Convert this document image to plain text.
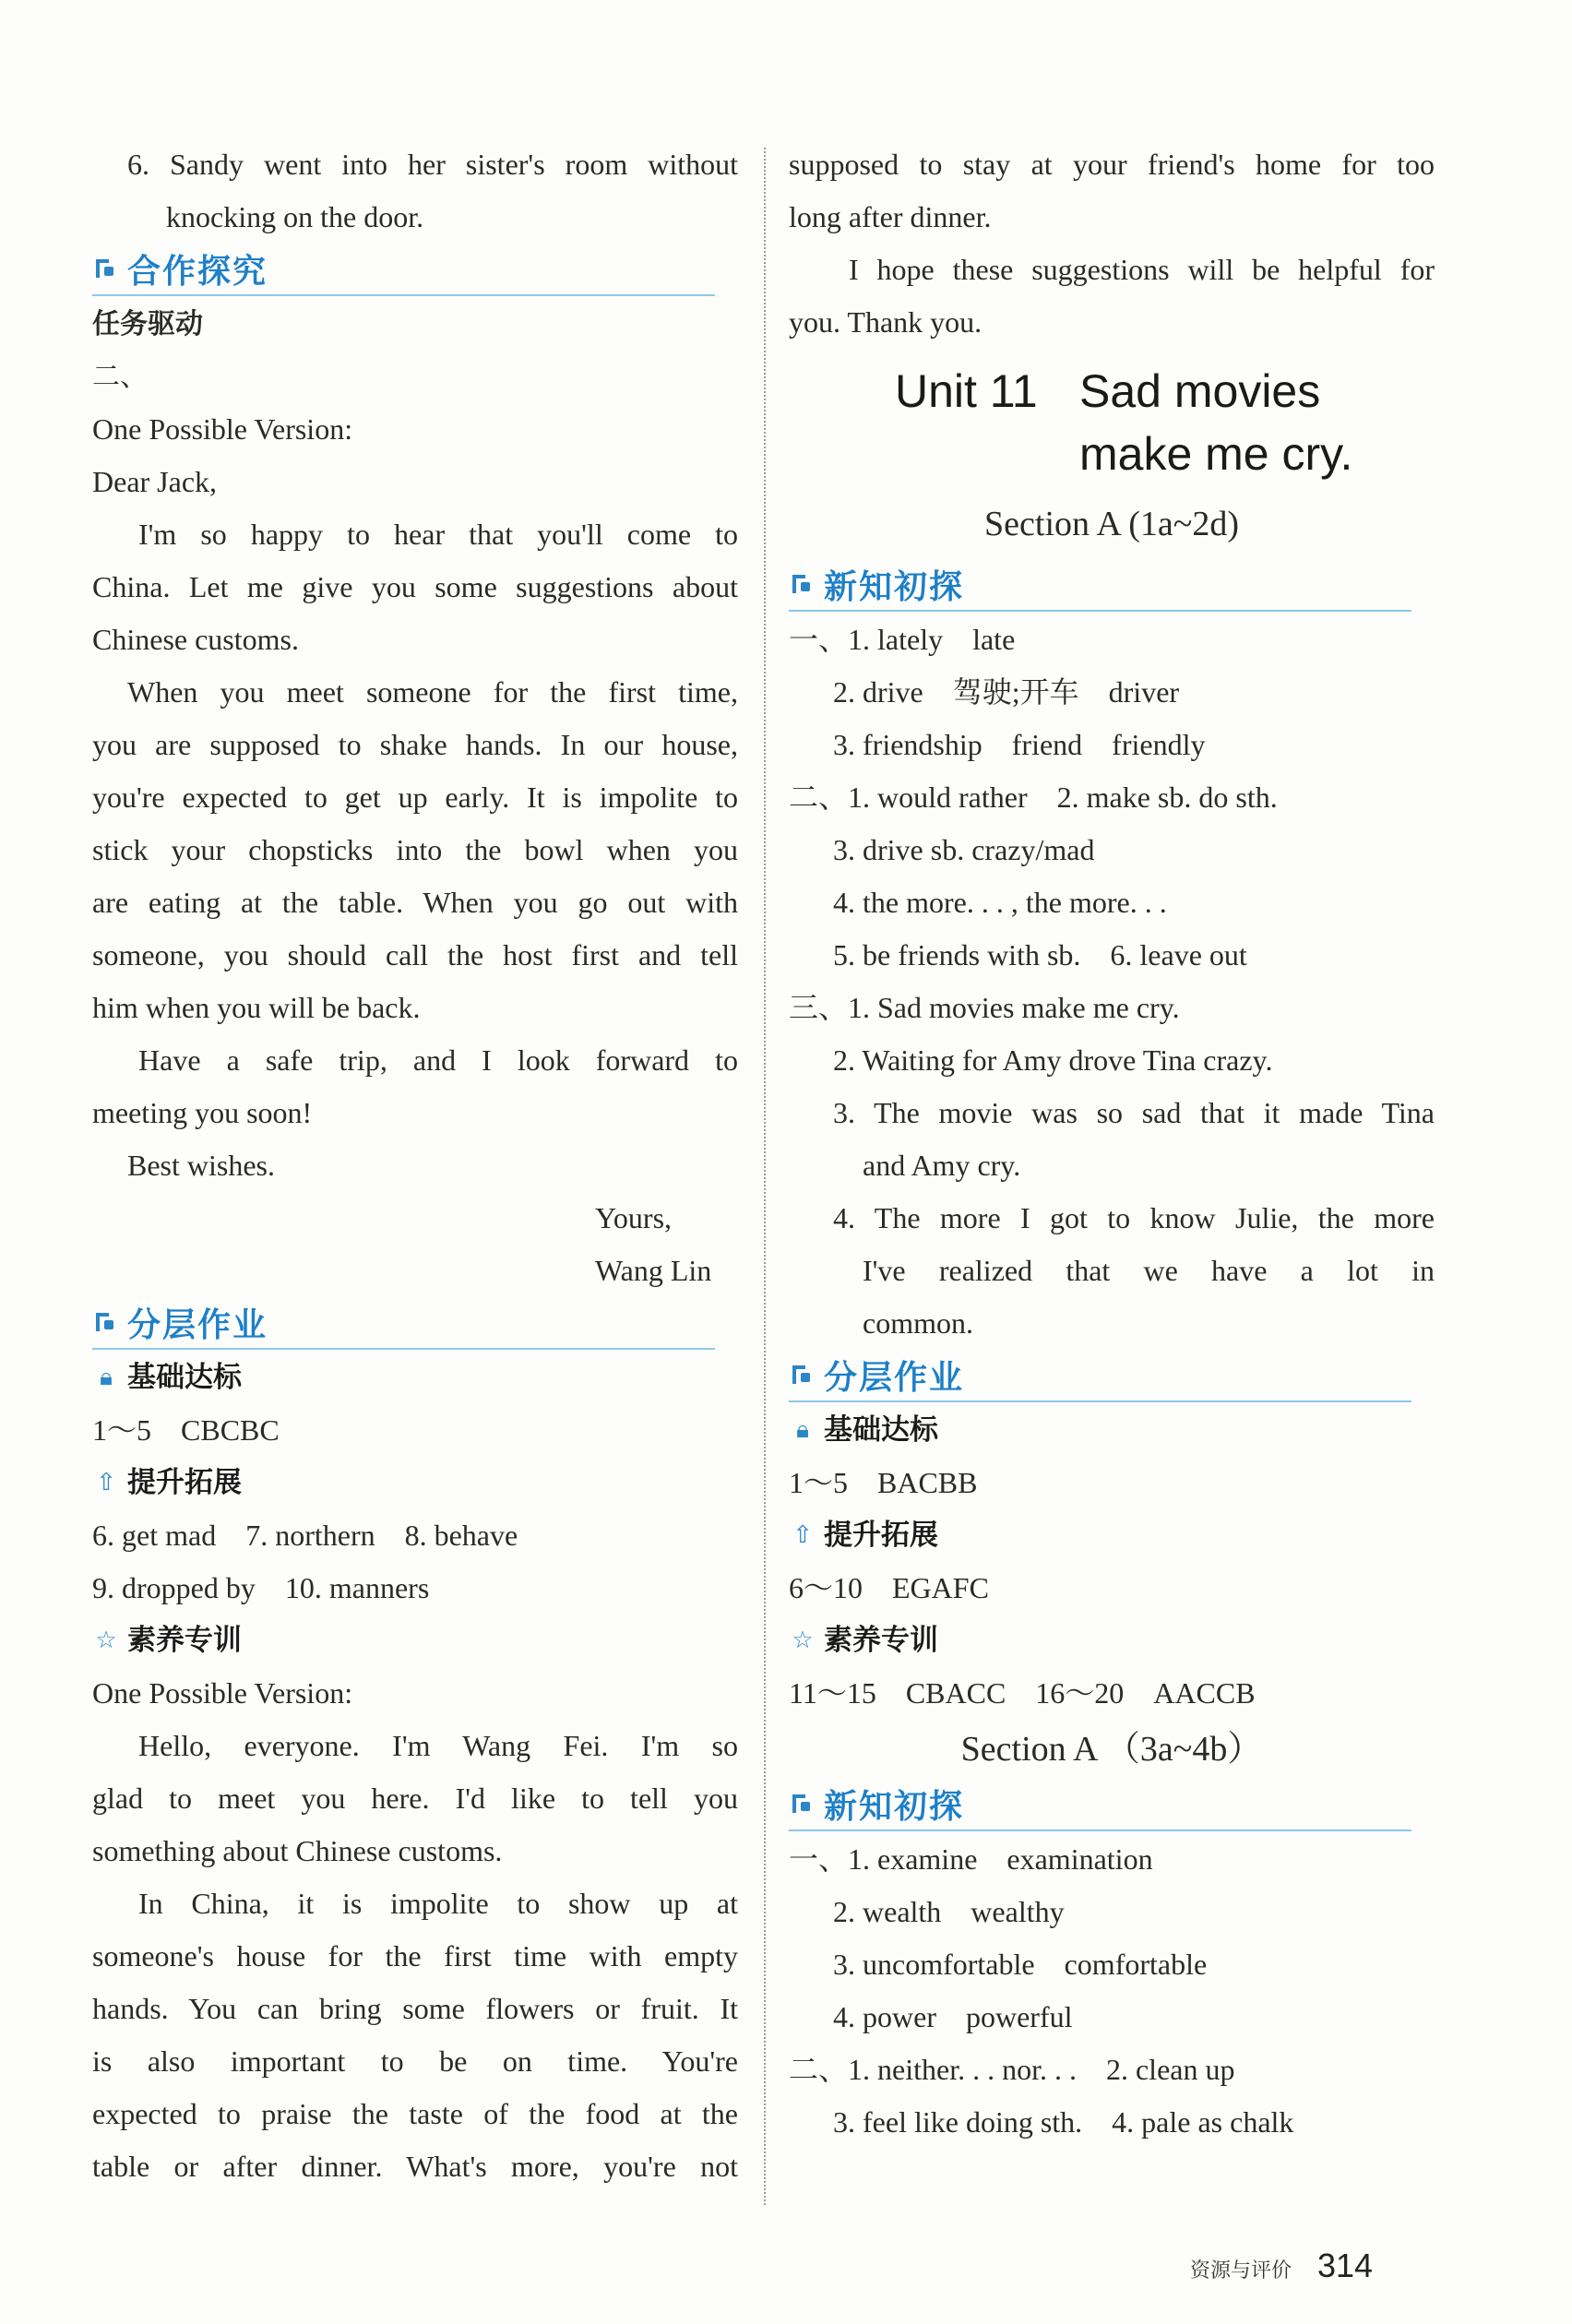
6. Sandy went into her sister's room without
knocking on the door.
合作探究
任务驱动
二、
One Possible Version:
Dear Jack,
I'm so happy to hear that you'll come to
China. Let me give you some suggestions about
Chinese customs.
When you meet someone for the first time,
you are supposed to shake hands. In our house,
you're expected to get up early. It is impolite to
stick your chopsticks into the bowl when you
are eating at the table. When you go out with
someone, you should call the host first and tell
him when you will be back.
Have a safe trip, and I look forward to
meeting you soon!
Best wishes.
Yours,
Wang Lin
分层作业
🔒︎ 基础达标
1～5　CBCBC
⇧ 提升拓展
6. get mad　7. northern　8. behave
9. dropped by　10. manners
☆ 素养专训
One Possible Version:
Hello, everyone. I'm Wang Fei. I'm so
glad to meet you here. I'd like to tell you
something about Chinese customs.
In China, it is impolite to show up at
someone's house for the first time with empty
hands. You can bring some flowers or fruit. It
is also important to be on time. You're
expected to praise the taste of the food at the
table or after dinner. What's more, you're not
supposed to stay at your friend's home for too
long after dinner.
I hope these suggestions will be helpful for
you. Thank you.
Unit 11 Sad movies
make me cry.
Section A (1a~2d)
新知初探
一、1. lately　late
2. drive　驾驶;开车　driver
3. friendship　friend　friendly
二、1. would rather　2. make sb. do sth.
3. drive sb. crazy/mad
4. the more. . . , the more. . .
5. be friends with sb.　6. leave out
三、1. Sad movies make me cry.
2. Waiting for Amy drove Tina crazy.
3. The movie was so sad that it made Tina
and Amy cry.
4. The more I got to know Julie, the more
I've realized that we have a lot in
common.
分层作业
🔒︎ 基础达标
1～5　BACBB
⇧ 提升拓展
6～10　EGAFC
☆ 素养专训
11～15　CBACC　16～20　AACCB
Section A （3a~4b）
新知初探
一、1. examine　examination
2. wealth　wealthy
3. uncomfortable　comfortable
4. power　powerful
二、1. neither. . . nor. . .　2. clean up
3. feel like doing sth.　4. pale as chalk
资源与评价 314
